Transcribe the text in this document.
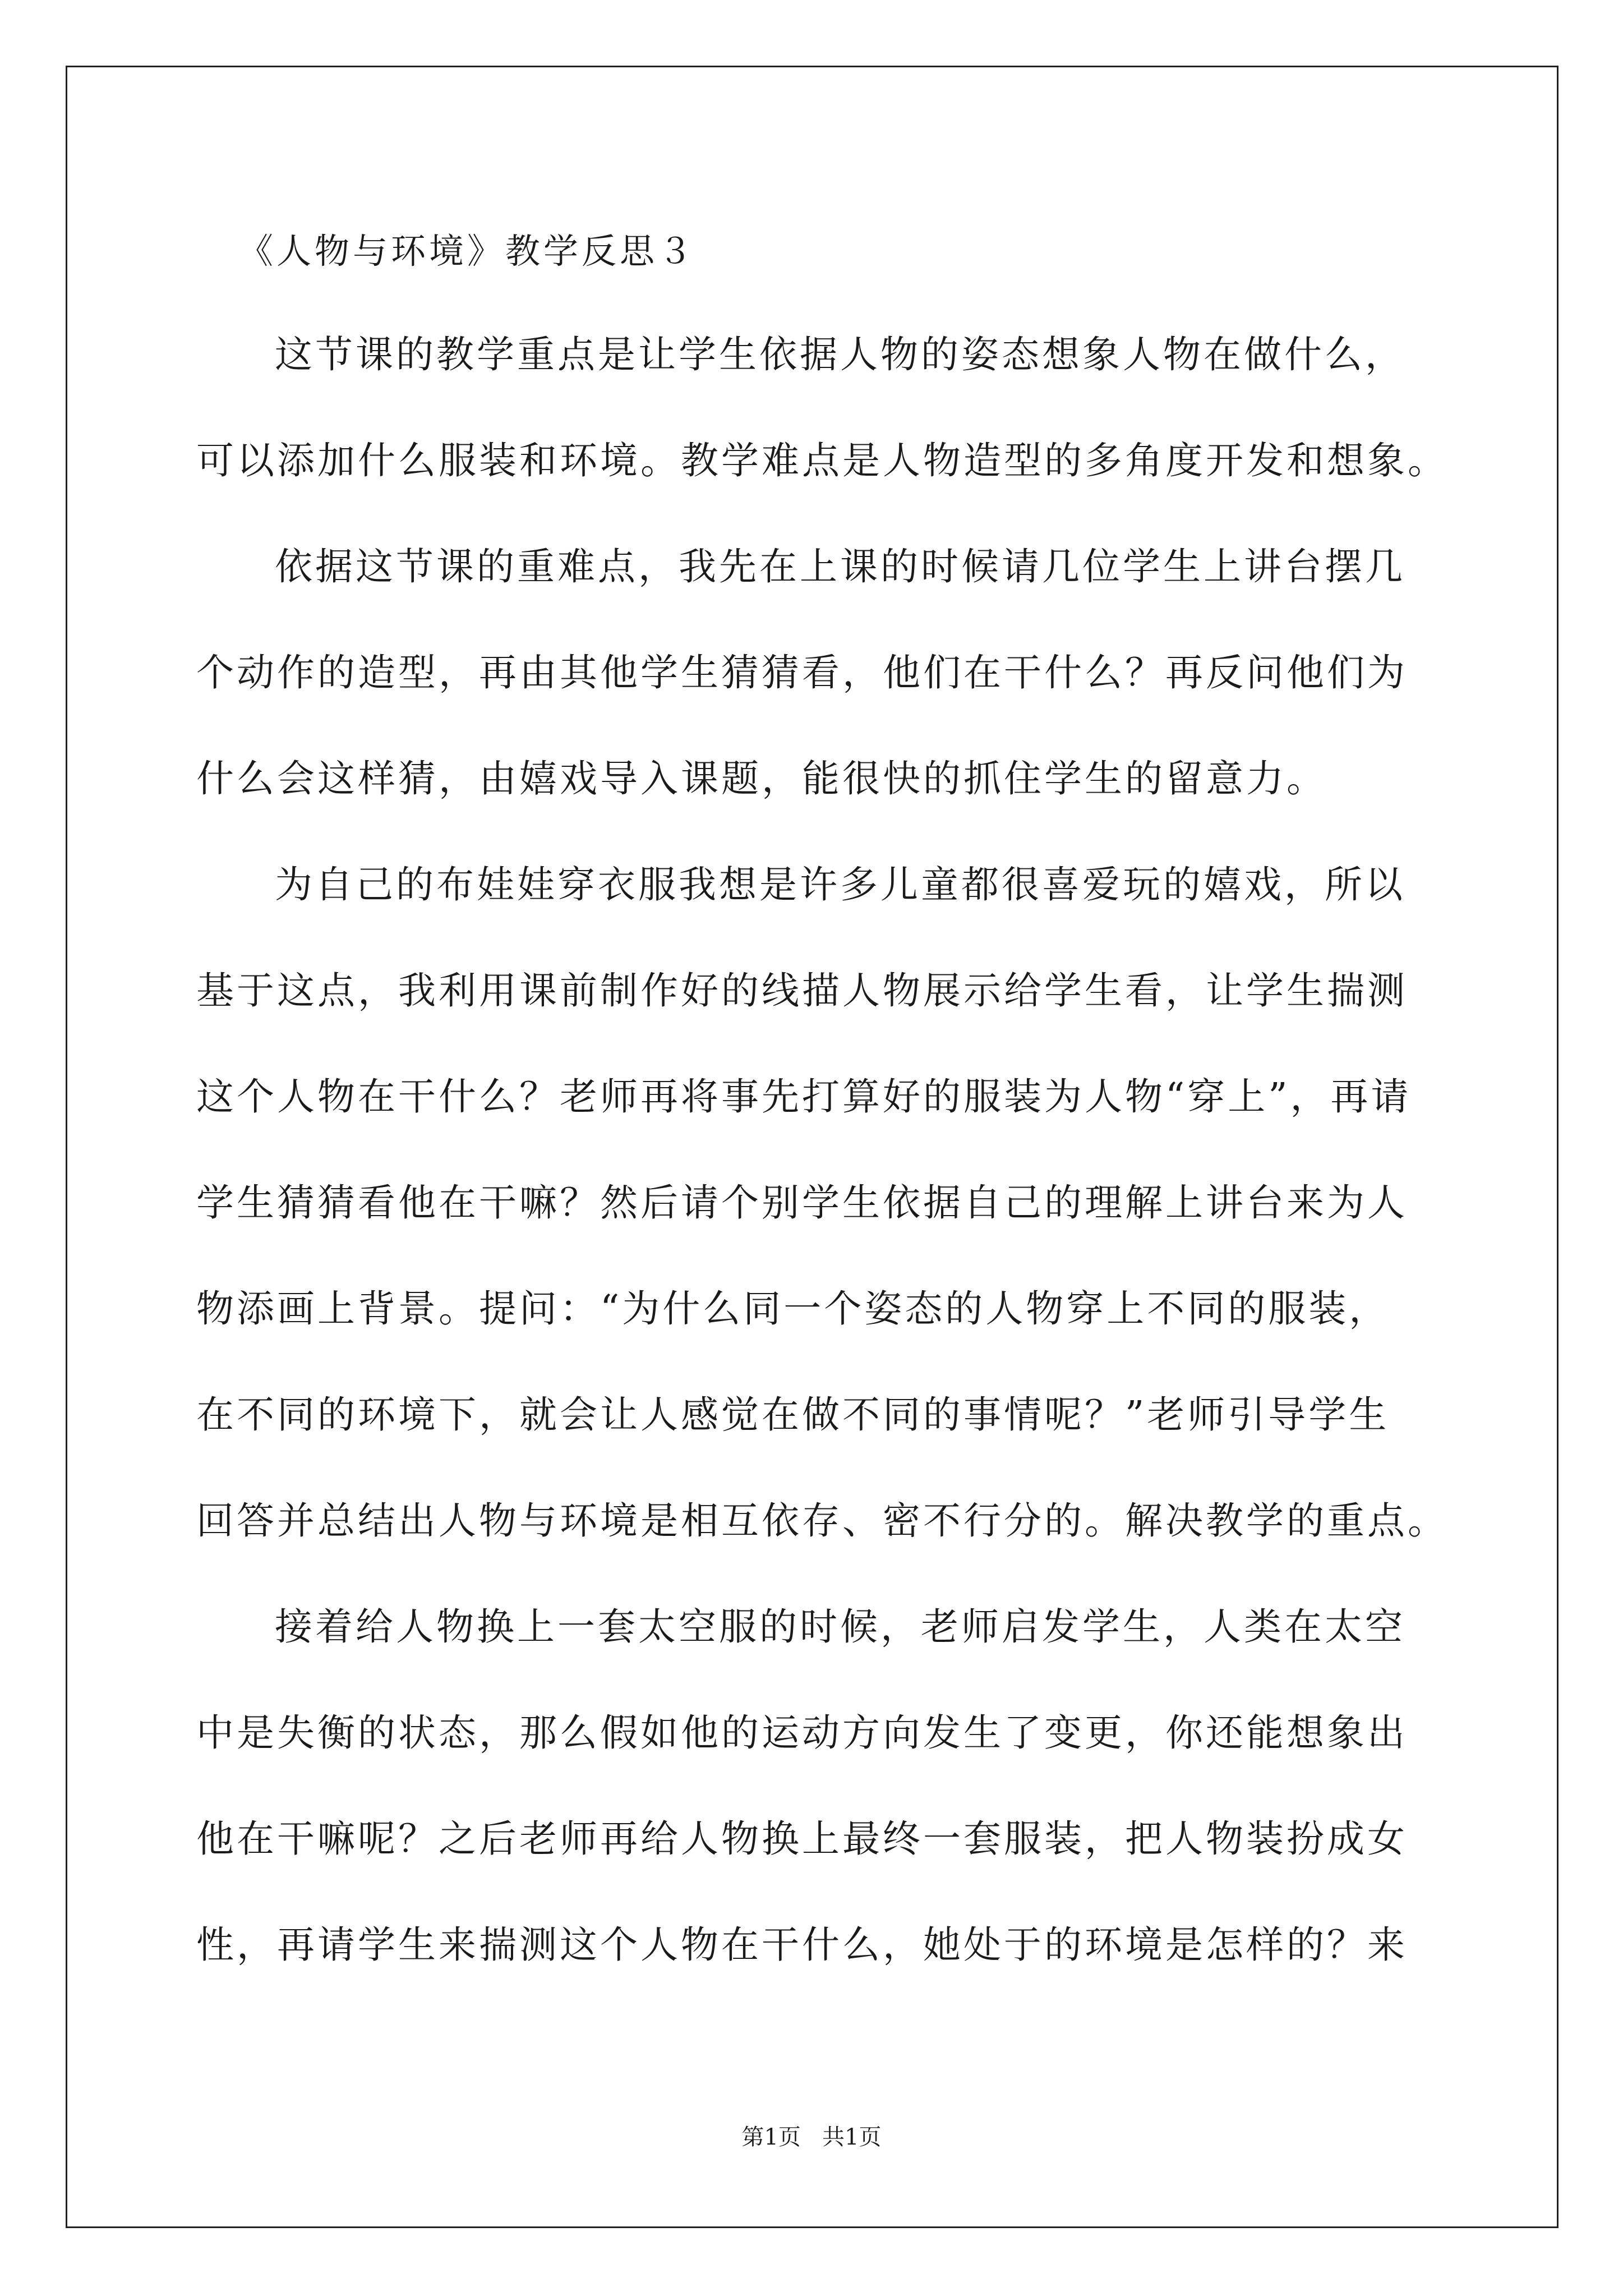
《人物与环境》教学反思３
这节课的教学重点是让学生依据人物的姿态想象人物在做什么，
可以添加什么服装和环境。教学难点是人物造型的多角度开发和想象。
依据这节课的重难点，我先在上课的时候请几位学生上讲台摆几
个动作的造型，再由其他学生猜猜看，他们在干什么？再反问他们为
什么会这样猜，由嬉戏导入课题，能很快的抓住学生的留意力。
为自己的布娃娃穿衣服我想是许多儿童都很喜爱玩的嬉戏，所以
基于这点，我利用课前制作好的线描人物展示给学生看，让学生揣测
这个人物在干什么？老师再将事先打算好的服装为人物“穿上”，再请
学生猜猜看他在干嘛？然后请个别学生依据自己的理解上讲台来为人
物添画上背景。提问：“为什么同一个姿态的人物穿上不同的服装，
在不同的环境下，就会让人感觉在做不同的事情呢？”老师引导学生
回答并总结出人物与环境是相互依存、密不行分的。解决教学的重点。
接着给人物换上一套太空服的时候，老师启发学生，人类在太空
中是失衡的状态，那么假如他的运动方向发生了变更，你还能想象出
他在干嘛呢？之后老师再给人物换上最终一套服装，把人物装扮成女
性，再请学生来揣测这个人物在干什么，她处于的环境是怎样的？来
第1页   共1页
